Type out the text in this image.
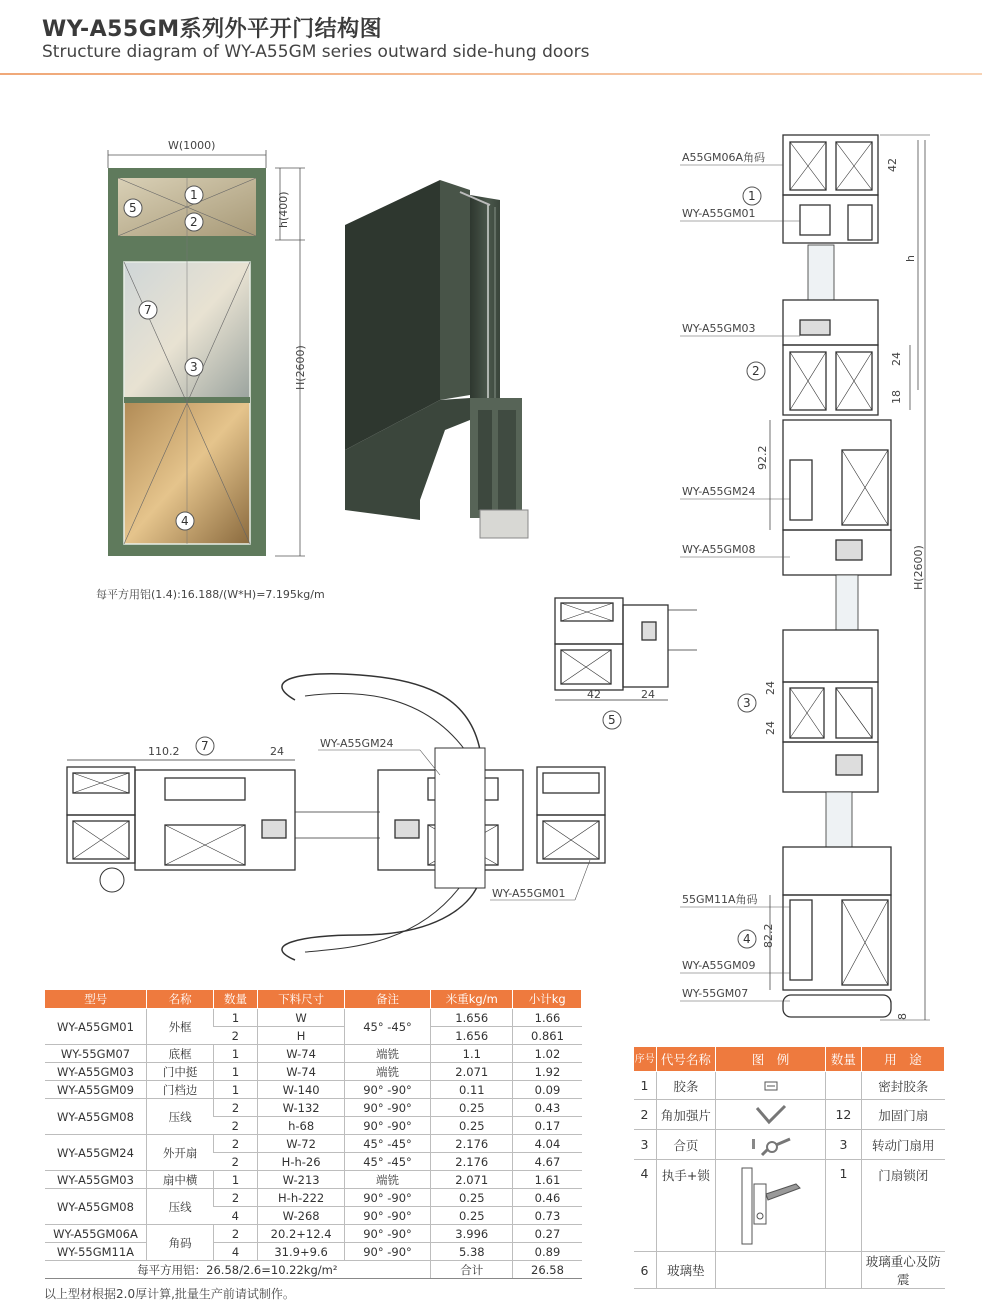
WY-A55GM系列外平开门结构图
Structure diagram of WY-A55GM series outward side-hung doors
W(1000)
h(400)
H(2600)
1
2
5
7
3
4
每平方用铝(1.4):16.188/(W*H)=7.195kg/m
A55GM06A角码
1
WY-A55GM01
WY-A55GM03
2
WY-A55GM24
WY-A55GM08
3
55GM11A角码
4
WY-A55GM09
WY-55GM07
42
h
24
18
92.2
H(2600)
24
24
82.2
8
42	24
5
110.2	24
7	WY-A55GM24
WY-A55GM01
型号	名称	数量	下料尺寸	备注	米重kg/m	小计kg
WY-A55GM01	外框	1	W	45° -45°	1.656	1.66
		2	H		1.656	0.861
WY-55GM07	底框	1	W-74	端铣	1.1	1.02
WY-A55GM03	门中挺	1	W-74	端铣	2.071	1.92
WY-A55GM09	门档边	1	W-140	90° -90°	0.11	0.09
WY-A55GM08	压线	2	W-132	90° -90°	0.25	0.43
		2	h-68	90° -90°	0.25	0.17
WY-A55GM24	外开扇	2	W-72	45° -45°	2.176	4.04
		2	H-h-26	45° -45°	2.176	4.67
WY-A55GM03	扇中横	1	W-213	端铣	2.071	1.61
WY-A55GM08	压线	2	H-h-222	90° -90°	0.25	0.46
		4	W-268	90° -90°	0.25	0.73
WY-A55GM06A	角码	2	20.2+12.4	90° -90°	3.996	0.27
WY-55GM11A		4	31.9+9.6	90° -90°	5.38	0.89
每平方用铝：26.58/2.6=10.22kg/m²					合计	26.58
以上型材根据2.0厚计算,批量生产前请试制作。
序号	代号名称	图　例	数量	用　途
1	胶条			密封胶条
2	角加强片		12	加固门扇
3	合页		3	转动门扇用
4	执手+锁		1	门扇锁闭
6	玻璃垫			玻璃重心及防震
